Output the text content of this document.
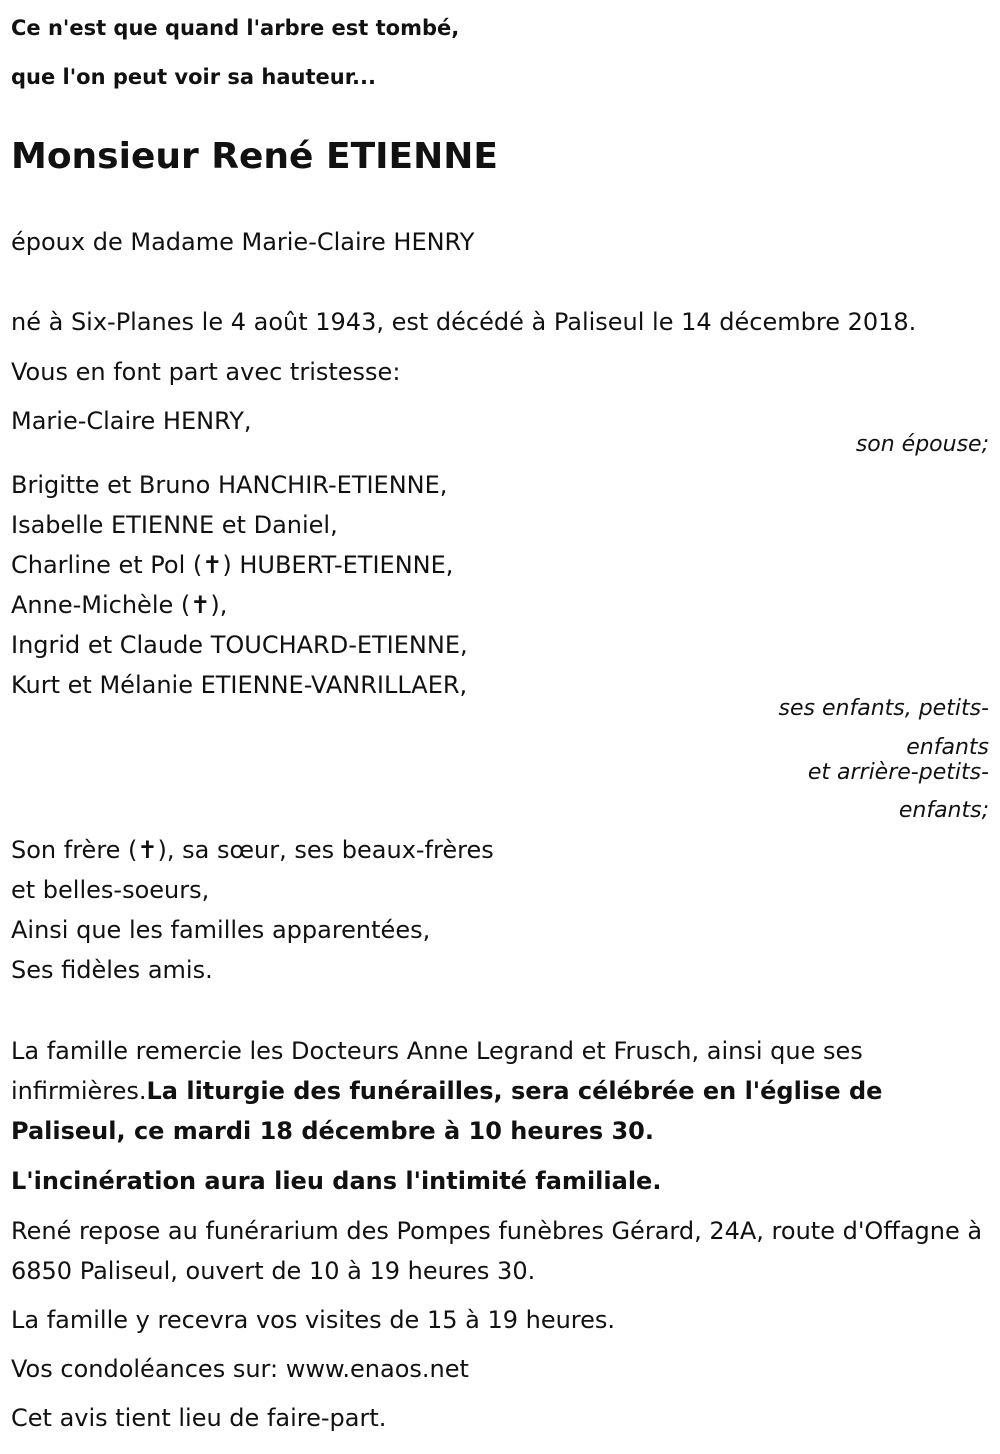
Ce n'est que quand l'arbre est tombé,

que l'on peut voir sa hauteur...

Monsieur René ETIENNE

époux de Madame Marie-Claire HENRY

né à Six-Planes le 4 août 1943, est décédé à Paliseul le 14 décembre 2018.

Vous en font part avec tristesse:

Marie-Claire HENRY,

son épouse;

Brigitte et Bruno HANCHIR-ETIENNE,
Isabelle ETIENNE et Daniel,
Charline et Pol (✝) HUBERT-ETIENNE,
Anne-Michèle (✝),
Ingrid et Claude TOUCHARD-ETIENNE,
Kurt et Mélanie ETIENNE-VANRILLAER,

ses enfants, petits-

enfants

et arrière-petits-

enfants;

Son frère (✝), sa sœur, ses beaux-frères
et belles-soeurs,
Ainsi que les familles apparentées,
Ses fidèles amis.

La famille remercie les Docteurs Anne Legrand et Frusch, ainsi que ses infirmières.La liturgie des funérailles, sera célébrée en l'église de Paliseul, ce mardi 18 décembre à 10 heures 30.

L'incinération aura lieu dans l'intimité familiale.

René repose au funérarium des Pompes funèbres Gérard, 24A, route d'Offagne à 6850 Paliseul, ouvert de 10 à 19 heures 30.

La famille y recevra vos visites de 15 à 19 heures.

Vos condoléances sur: www.enaos.net

Cet avis tient lieu de faire-part.
